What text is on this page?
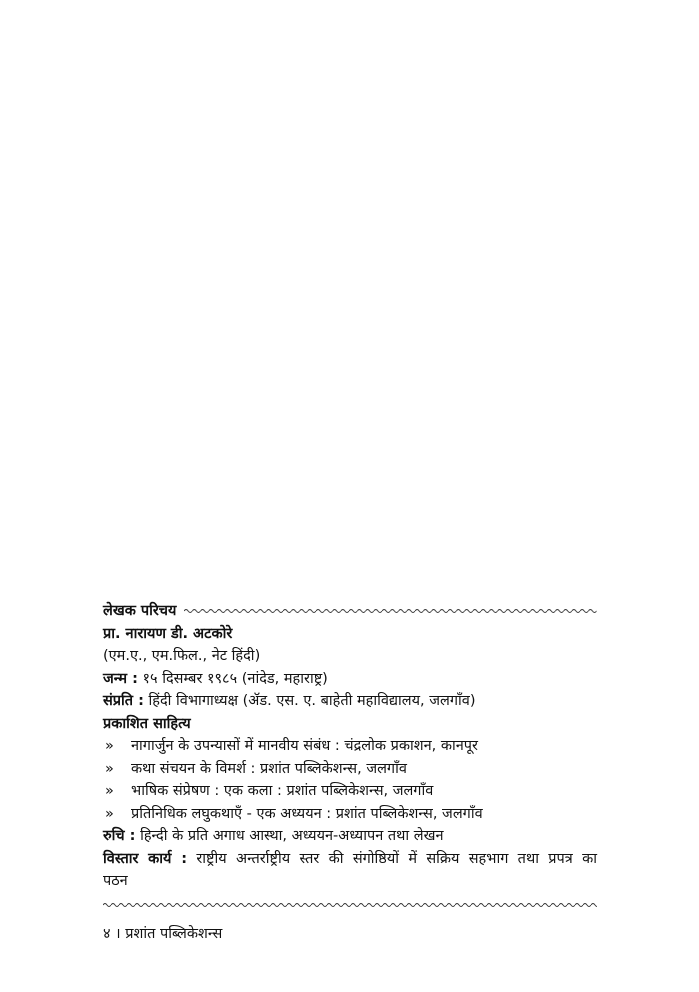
लेखक परिचय
प्रा. नारायण डी. अटकोरे
(एम.ए., एम.फिल., नेट हिंदी)
जन्म : १५ दिसम्बर १९८५ (नांदेड, महाराष्ट्र)
संप्रति : हिंदी विभागाध्यक्ष (ॲड. एस. ए. बाहेती महाविद्यालय, जलगाँव)
प्रकाशित साहित्य
» नागार्जुन के उपन्यासों में मानवीय संबंध : चंद्रलोक प्रकाशन, कानपूर
» कथा संचयन के विमर्श : प्रशांत पब्लिकेशन्स, जलगाँव
» भाषिक संप्रेषण : एक कला : प्रशांत पब्लिकेशन्स, जलगाँव
» प्रतिनिधिक लघुकथाएँ - एक अध्ययन : प्रशांत पब्लिकेशन्स, जलगाँव
रुचि : हिन्दी के प्रति अगाध आस्था, अध्ययन-अध्यापन तथा लेखन
विस्तार कार्य : राष्ट्रीय अन्तर्राष्ट्रीय स्तर की संगोष्ठियों में सक्रिय सहभाग तथा प्रपत्र का
पठन
४ । प्रशांत पब्लिकेशन्स
